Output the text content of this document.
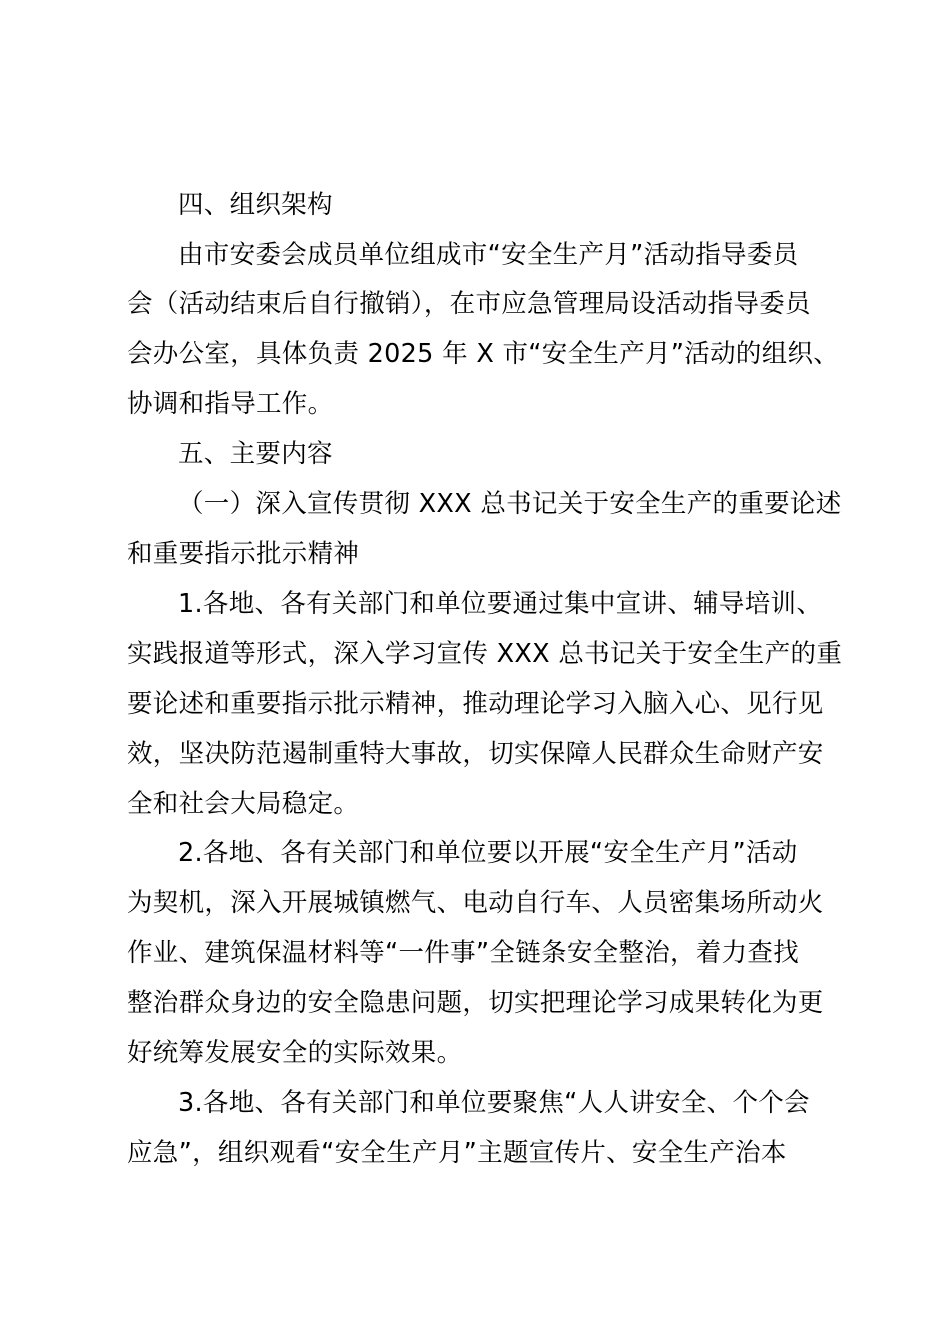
四、组织架构
由市安委会成员单位组成市“安全生产月”活动指导委员
会（活动结束后自行撤销），在市应急管理局设活动指导委员
会办公室，具体负责 2025 年 X 市“安全生产月”活动的组织、
协调和指导工作。
五、主要内容
（一）深入宣传贯彻 XXX 总书记关于安全生产的重要论述
和重要指示批示精神
1.各地、各有关部门和单位要通过集中宣讲、辅导培训、
实践报道等形式，深入学习宣传 XXX 总书记关于安全生产的重
要论述和重要指示批示精神，推动理论学习入脑入心、见行见
效，坚决防范遏制重特大事故，切实保障人民群众生命财产安
全和社会大局稳定。
2.各地、各有关部门和单位要以开展“安全生产月”活动
为契机，深入开展城镇燃气、电动自行车、人员密集场所动火
作业、建筑保温材料等“一件事”全链条安全整治，着力查找
整治群众身边的安全隐患问题，切实把理论学习成果转化为更
好统筹发展安全的实际效果。
3.各地、各有关部门和单位要聚焦“人人讲安全、个个会
应急”，组织观看“安全生产月”主题宣传片、安全生产治本
